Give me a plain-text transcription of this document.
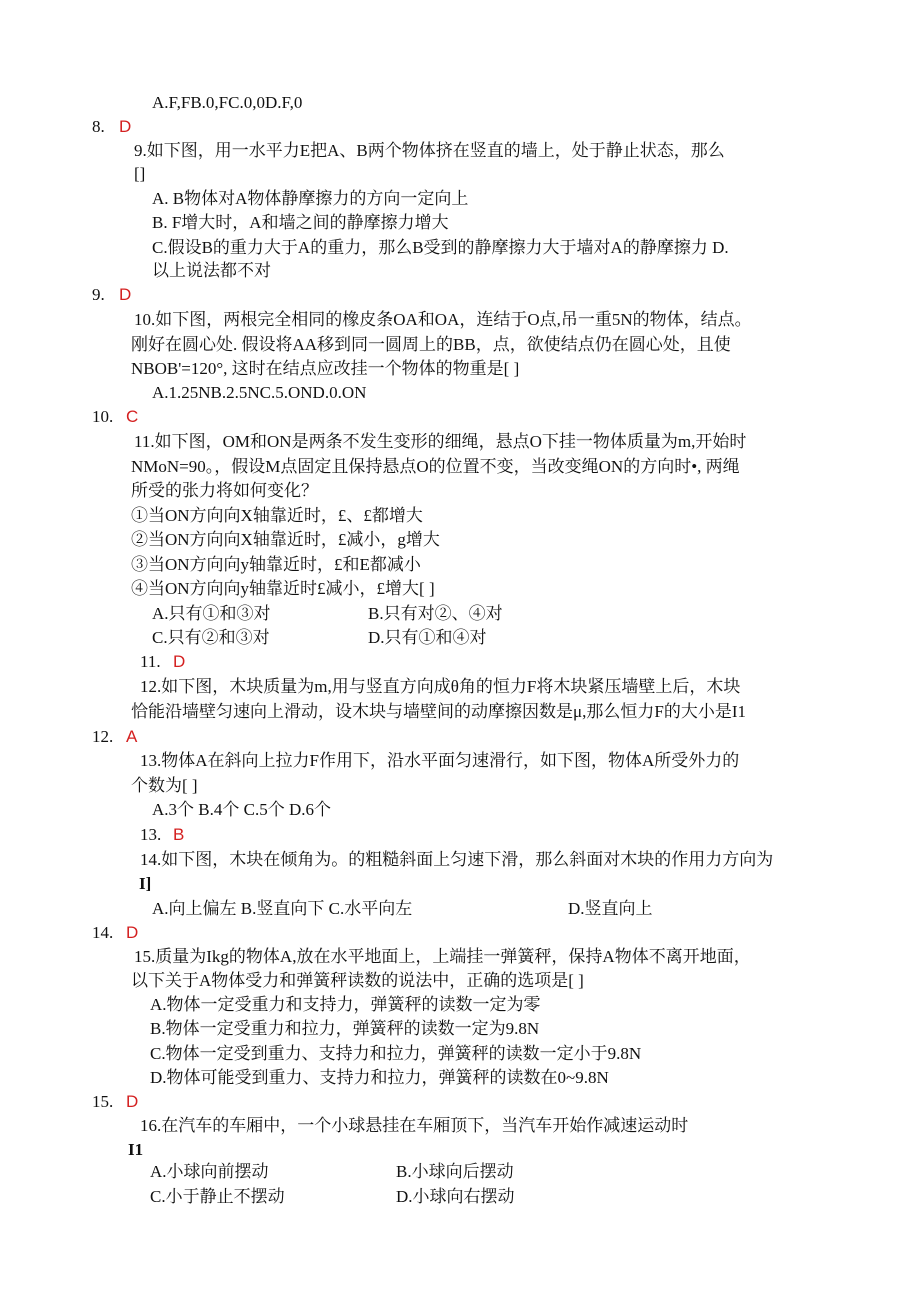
A.F,FB.0,FC.0,0D.F,0
8. D
9.如下图，用一水平力E把A、B两个物体挤在竖直的墙上，处于静止状态，那么
[]
A. B物体对A物体静摩擦力的方向一定向上
B. F增大时，A和墙之间的静摩擦力增大
C.假设B的重力大于A的重力，那么B受到的静摩擦力大于墙对A的静摩擦力 D.
以上说法都不对
9. D
10.如下图，两根完全相同的橡皮条OA和OA，连结于O点,吊一重5N的物体，结点。
刚好在圆心处. 假设将AA移到同一圆周上的BB，点，欲使结点仍在圆心处，且使
NBOB'=120°, 这时在结点应改挂一个物体的物重是[ ]
A.1.25NB.2.5NC.5.OND.0.ON
10. C
11.如下图，OM和ON是两条不发生变形的细绳，悬点O下挂一物体质量为m,开始时
NMoN=90。，假设M点固定且保持悬点O的位置不变，当改变绳ON的方向时•, 两绳
所受的张力将如何变化？
①当ON方向向X轴靠近时，£、£都增大
②当ON方向向X轴靠近时，£减小，g增大
③当ON方向向y轴靠近时，£和E都减小
④当ON方向向y轴靠近时£减小，£增大[ ]
A.只有①和③对	B.只有对②、④对
C.只有②和③对	D.只有①和④对
11. D
12.如下图，木块质量为m,用与竖直方向成θ角的恒力F将木块紧压墙壁上后，木块
恰能沿墙壁匀速向上滑动，设木块与墙壁间的动摩擦因数是μ,那么恒力F的大小是I1
12. A
13.物体A在斜向上拉力F作用下，沿水平面匀速滑行，如下图，物体A所受外力的
个数为[ ]
A.3个 B.4个 C.5个 D.6个
13. B
14.如下图，木块在倾角为。的粗糙斜面上匀速下滑，那么斜面对木块的作用力方向为
I]
A.向上偏左 B.竖直向下 C.水平向左	D.竖直向上
14. D
15.质量为Ikg的物体A,放在水平地面上，上端挂一弹簧秤，保持A物体不离开地面，
以下关于A物体受力和弹簧秤读数的说法中，正确的选项是[ ]
A.物体一定受重力和支持力，弹簧秤的读数一定为零
B.物体一定受重力和拉力，弹簧秤的读数一定为9.8N
C.物体一定受到重力、支持力和拉力，弹簧秤的读数一定小于9.8N
D.物体可能受到重力、支持力和拉力，弹簧秤的读数在0~9.8N
15. D
16.在汽车的车厢中，一个小球悬挂在车厢顶下，当汽车开始作减速运动时
I1
A.小球向前摆动	B.小球向后摆动
C.小于静止不摆动	D.小球向右摆动
